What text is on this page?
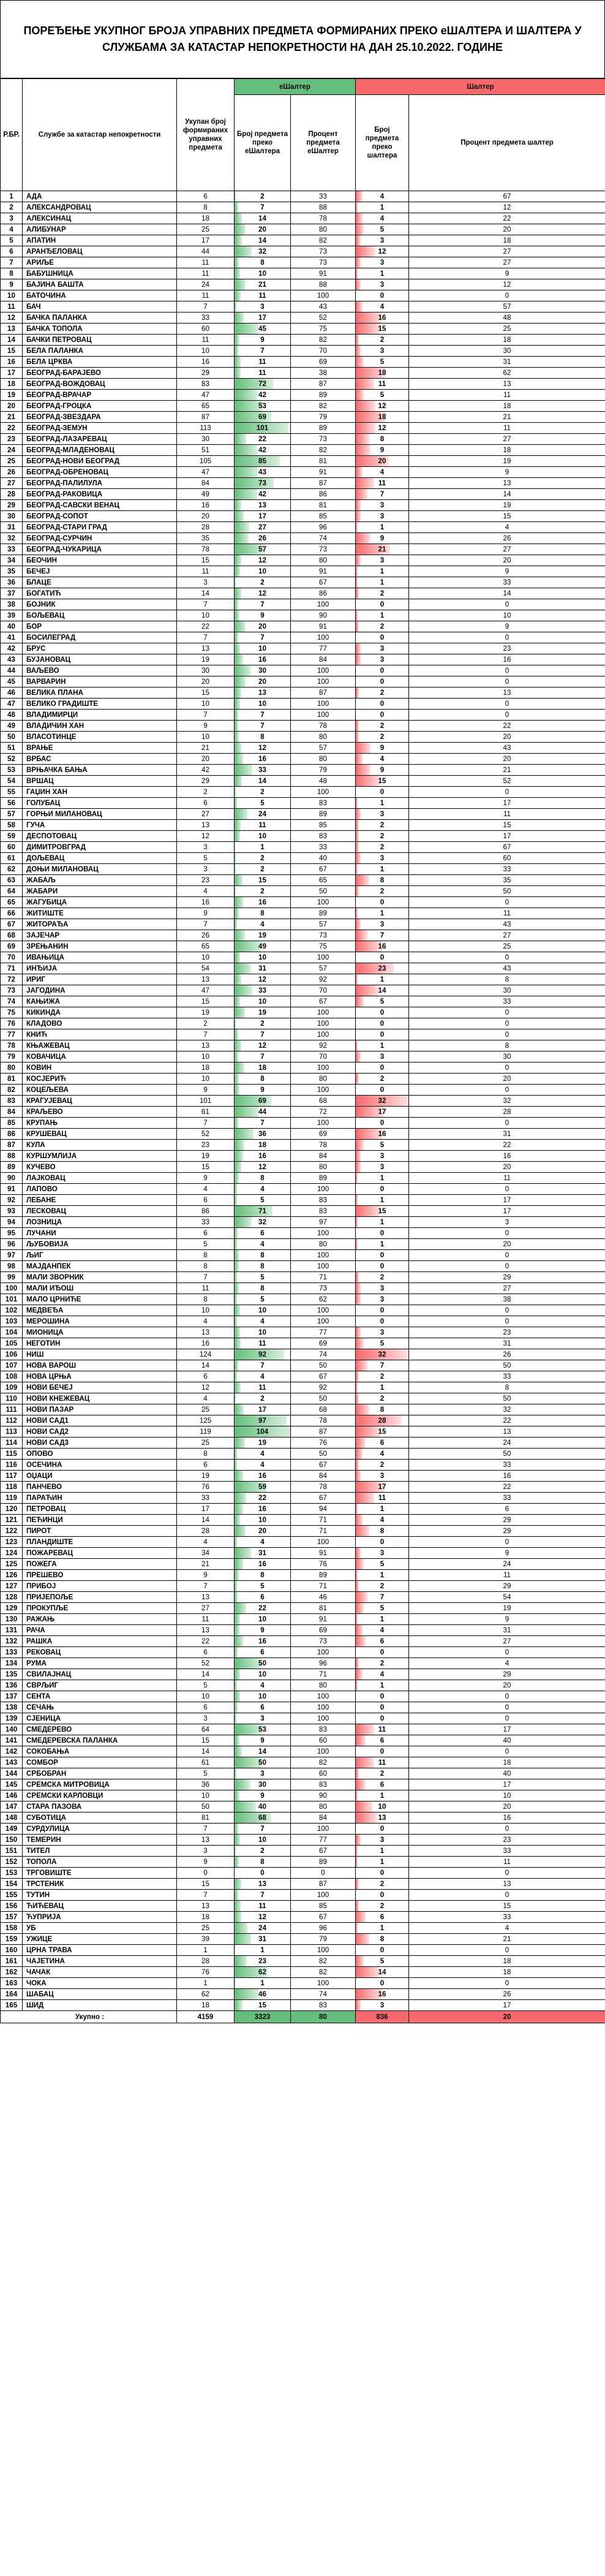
ПОРЕЂЕЊЕ УКУПНОГ БРОЈА УПРАВНИХ ПРЕДМЕТА ФОРМИРАНИХ ПРЕКО еШАЛТЕРА И ШАЛТЕРА У СЛУЖБАМА ЗА КАТАСТАР НЕПОКРЕТНОСТИ НА ДАН 25.10.2022. ГОДИНЕ
Р.БР.	Службе за катастар непокретности	Укупан број формираних управних предмета	еШалтер		Шалтер	
			Број предмета преко еШалтера	Процент предмета еШалтер	Број предмета преко шалтера	Процент предмета шалтер
1	АДА	6	2	33	4	67
2	АЛЕКСАНДРОВАЦ	8	7	88	1	12
3	АЛЕКСИНАЦ	18	14	78	4	22
4	АЛИБУНАР	25	20	80	5	20
5	АПАТИН	17	14	82	3	18
6	АРАНЂЕЛОВАЦ	44	32	73	12	27
7	АРИЉЕ	11	8	73	3	27
8	БАБУШНИЦА	11	10	91	1	9
9	БАЈИНА БАШТА	24	21	88	3	12
10	БАТОЧИНА	11	11	100	0	0
11	БАЧ	7	3	43	4	57
12	БАЧКА ПАЛАНКА	33	17	52	16	48
13	БАЧКА ТОПОЛА	60	45	75	15	25
14	БАЧКИ ПЕТРОВАЦ	11	9	82	2	18
15	БЕЛА ПАЛАНКА	10	7	70	3	30
16	БЕЛА ЦРКВА	16	11	69	5	31
17	БЕОГРАД-БАРАЈЕВО	29	11	38	18	62
18	БЕОГРАД-ВОЖДОВАЦ	83	72	87	11	13
19	БЕОГРАД-ВРАЧАР	47	42	89	5	11
20	БЕОГРАД-ГРОЦКА	65	53	82	12	18
21	БЕОГРАД-ЗВЕЗДАРА	87	69	79	18	21
22	БЕОГРАД-ЗЕМУН	113	101	89	12	11
23	БЕОГРАД-ЛАЗАРЕВАЦ	30	22	73	8	27
24	БЕОГРАД-МЛАДЕНОВАЦ	51	42	82	9	18
25	БЕОГРАД-НОВИ БЕОГРАД	105	85	81	20	19
26	БЕОГРАД-ОБРЕНОВАЦ	47	43	91	4	9
27	БЕОГРАД-ПАЛИЛУЛА	84	73	87	11	13
28	БЕОГРАД-РАКОВИЦА	49	42	86	7	14
29	БЕОГРАД-САВСКИ ВЕНАЦ	16	13	81	3	19
30	БЕОГРАД-СОПОТ	20	17	85	3	15
31	БЕОГРАД-СТАРИ ГРАД	28	27	96	1	4
32	БЕОГРАД-СУРЧИН	35	26	74	9	26
33	БЕОГРАД-ЧУКАРИЦА	78	57	73	21	27
34	БЕОЧИН	15	12	80	3	20
35	БЕЧЕЈ	11	10	91	1	9
36	БЛАЦЕ	3	2	67	1	33
37	БОГАТИЋ	14	12	86	2	14
38	БОЈНИК	7	7	100	0	0
39	БОЉЕВАЦ	10	9	90	1	10
40	БОР	22	20	91	2	9
41	БОСИЛЕГРАД	7	7	100	0	0
42	БРУС	13	10	77	3	23
43	БУЈАНОВАЦ	19	16	84	3	16
44	ВАЉЕВО	30	30	100	0	0
45	ВАРВАРИН	20	20	100	0	0
46	ВЕЛИКА ПЛАНА	15	13	87	2	13
47	ВЕЛИКО ГРАДИШТЕ	10	10	100	0	0
48	ВЛАДИМИРЦИ	7	7	100	0	0
49	ВЛАДИЧИН ХАН	9	7	78	2	22
50	ВЛАСОТИНЦЕ	10	8	80	2	20
51	ВРАЊЕ	21	12	57	9	43
52	ВРБАС	20	16	80	4	20
53	ВРЊАЧКА БАЊА	42	33	79	9	21
54	ВРШАЦ	29	14	48	15	52
55	ГАЏИН ХАН	2	2	100	0	0
56	ГОЛУБАЦ	6	5	83	1	17
57	ГОРЊИ МИЛАНОВАЦ	27	24	89	3	11
58	ГУЧА	13	11	85	2	15
59	ДЕСПОТОВАЦ	12	10	83	2	17
60	ДИМИТРОВГРАД	3	1	33	2	67
61	ДОЉЕВАЦ	5	2	40	3	60
62	ДОЊИ МИЛАНОВАЦ	3	2	67	1	33
63	ЖАБАЉ	23	15	65	8	35
64	ЖАБАРИ	4	2	50	2	50
65	ЖАГУБИЦА	16	16	100	0	0
66	ЖИТИШТЕ	9	8	89	1	11
67	ЖИТОРАЂА	7	4	57	3	43
68	ЗАЈЕЧАР	26	19	73	7	27
69	ЗРЕЊАНИН	65	49	75	16	25
70	ИВАЊИЦА	10	10	100	0	0
71	ИНЂИЈА	54	31	57	23	43
72	ИРИГ	13	12	92	1	8
73	ЈАГОДИНА	47	33	70	14	30
74	КАЊИЖА	15	10	67	5	33
75	КИКИНДА	19	19	100	0	0
76	КЛАДОВО	2	2	100	0	0
77	КНИЋ	7	7	100	0	0
78	КЊАЖЕВАЦ	13	12	92	1	8
79	КОВАЧИЦА	10	7	70	3	30
80	КОВИН	18	18	100	0	0
81	КОСЈЕРИЋ	10	8	80	2	20
82	КОЦЕЉЕВА	9	9	100	0	0
83	КРАГУЈЕВАЦ	101	69	68	32	32
84	КРАЉЕВО	61	44	72	17	28
85	КРУПАЊ	7	7	100	0	0
86	КРУШЕВАЦ	52	36	69	16	31
87	КУЛА	23	18	78	5	22
88	КУРШУМЛИЈА	19	16	84	3	16
89	КУЧЕВО	15	12	80	3	20
90	ЛАЈКОВАЦ	9	8	89	1	11
91	ЛАПОВО	4	4	100	0	0
92	ЛЕБАНЕ	6	5	83	1	17
93	ЛЕСКОВАЦ	86	71	83	15	17
94	ЛОЗНИЦА	33	32	97	1	3
95	ЛУЧАНИ	6	6	100	0	0
96	ЉУБОВИЈА	5	4	80	1	20
97	ЉИГ	8	8	100	0	0
98	МАЈДАНПЕК	8	8	100	0	0
99	МАЛИ ЗВОРНИК	7	5	71	2	29
100	МАЛИ ИЂОШ	11	8	73	3	27
101	МАЛО ЦРНИЋЕ	8	5	62	3	38
102	МЕДВЕЂА	10	10	100	0	0
103	МЕРОШИНА	4	4	100	0	0
104	МИОНИЦА	13	10	77	3	23
105	НЕГОТИН	16	11	69	5	31
106	НИШ	124	92	74	32	26
107	НОВА ВАРОШ	14	7	50	7	50
108	НОВА ЦРЊА	6	4	67	2	33
109	НОВИ БЕЧЕЈ	12	11	92	1	8
110	НОВИ КНЕЖЕВАЦ	4	2	50	2	50
111	НОВИ ПАЗАР	25	17	68	8	32
112	НОВИ САД1	125	97	78	28	22
113	НОВИ САД2	119	104	87	15	13
114	НОВИ САД3	25	19	76	6	24
115	ОПОВО	8	4	50	4	50
116	ОСЕЧИНА	6	4	67	2	33
117	ОЏАЦИ	19	16	84	3	16
118	ПАНЧЕВО	76	59	78	17	22
119	ПАРАЋИН	33	22	67	11	33
120	ПЕТРОВАЦ	17	16	94	1	6
121	ПЕЋИНЦИ	14	10	71	4	29
122	ПИРОТ	28	20	71	8	29
123	ПЛАНДИШТЕ	4	4	100	0	0
124	ПОЖАРЕВАЦ	34	31	91	3	9
125	ПОЖЕГА	21	16	76	5	24
126	ПРЕШЕВО	9	8	89	1	11
127	ПРИБОЈ	7	5	71	2	29
128	ПРИЈЕПОЉЕ	13	6	46	7	54
129	ПРОКУПЉЕ	27	22	81	5	19
130	РАЖАЊ	11	10	91	1	9
131	РАЧА	13	9	69	4	31
132	РАШКА	22	16	73	6	27
133	РЕКОВАЦ	6	6	100	0	0
134	РУМА	52	50	96	2	4
135	СВИЛАЈНАЦ	14	10	71	4	29
136	СВРЉИГ	5	4	80	1	20
137	СЕНТА	10	10	100	0	0
138	СЕЧАЊ	6	6	100	0	0
139	СЈЕНИЦА	3	3	100	0	0
140	СМЕДЕРЕВО	64	53	83	11	17
141	СМЕДЕРЕВСКА ПАЛАНКА	15	9	60	6	40
142	СОКОБАЊА	14	14	100	0	0
143	СОМБОР	61	50	82	11	18
144	СРБОБРАН	5	3	60	2	40
145	СРЕМСКА МИТРОВИЦА	36	30	83	6	17
146	СРЕМСКИ КАРЛОВЦИ	10	9	90	1	10
147	СТАРА ПАЗОВА	50	40	80	10	20
148	СУБОТИЦА	81	68	84	13	16
149	СУРДУЛИЦА	7	7	100	0	0
150	ТЕМЕРИН	13	10	77	3	23
151	ТИТЕЛ	3	2	67	1	33
152	ТОПОЛА	9	8	89	1	11
153	ТРГОВИШТЕ	0	0	0	0	0
154	ТРСТЕНИК	15	13	87	2	13
155	ТУТИН	7	7	100	0	0
156	ЋИЋЕВАЦ	13	11	85	2	15
157	ЋУПРИЈА	18	12	67	6	33
158	УБ	25	24	96	1	4
159	УЖИЦЕ	39	31	79	8	21
160	ЦРНА ТРАВА	1	1	100	0	0
161	ЧАЈЕТИНА	28	23	82	5	18
162	ЧАЧАК	76	62	82	14	18
163	ЧОКА	1	1	100	0	0
164	ШАБАЦ	62	46	74	16	26
165	ШИД	18	15	83	3	17
Укупно :		4159	3323	80	836	20
